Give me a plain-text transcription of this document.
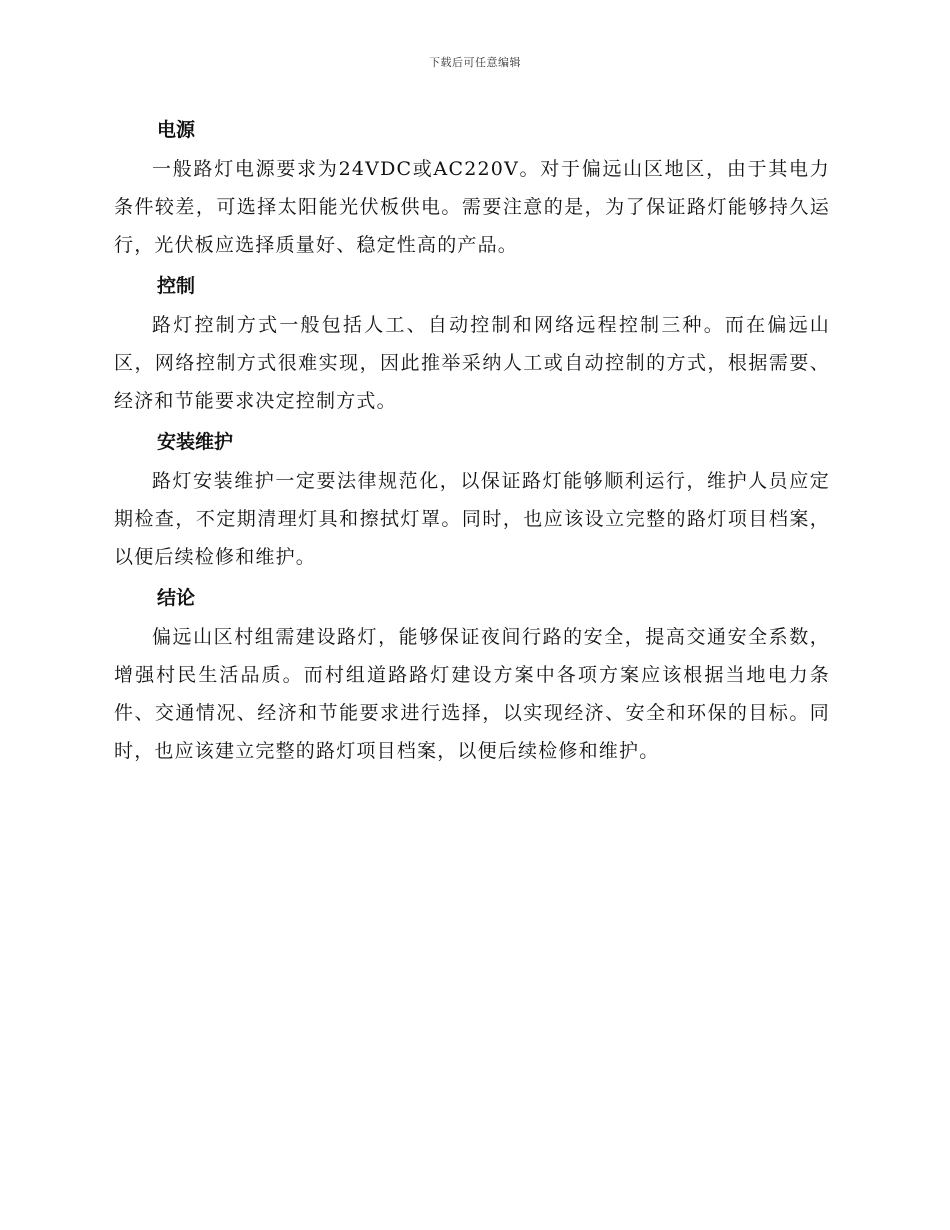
下载后可任意编辑
电源

一般路灯电源要求为24VDC或AC220V。对于偏远山区地区，由于其电力条件较差，可选择太阳能光伏板供电。需要注意的是，为了保证路灯能够持久运行，光伏板应选择质量好、稳定性高的产品。

控制

路灯控制方式一般包括人工、自动控制和网络远程控制三种。而在偏远山区，网络控制方式很难实现，因此推举采纳人工或自动控制的方式，根据需要、经济和节能要求决定控制方式。

安装维护

路灯安装维护一定要法律规范化，以保证路灯能够顺利运行，维护人员应定期检查，不定期清理灯具和擦拭灯罩。同时，也应该设立完整的路灯项目档案，以便后续检修和维护。

结论

偏远山区村组需建设路灯，能够保证夜间行路的安全，提高交通安全系数，增强村民生活品质。而村组道路路灯建设方案中各项方案应该根据当地电力条件、交通情况、经济和节能要求进行选择，以实现经济、安全和环保的目标。同时，也应该建立完整的路灯项目档案，以便后续检修和维护。
